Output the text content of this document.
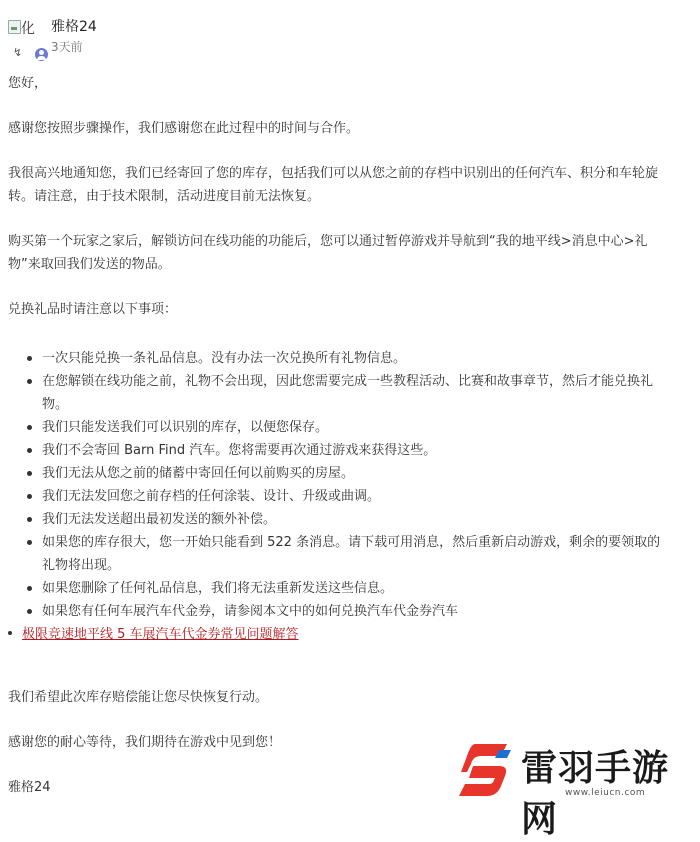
化
↯
雅格24
3天前

您好，

感谢您按照步骤操作，我们感谢您在此过程中的时间与合作。

我很高兴地通知您，我们已经寄回了您的库存，包括我们可以从您之前的存档中识别出的任何汽车、积分和车轮旋转。请注意，由于技术限制，活动进度目前无法恢复。

购买第一个玩家之家后，解锁访问在线功能的功能后，您可以通过暂停游戏并导航到“我的地平线>消息中心>礼物”来取回我们发送的物品。

兑换礼品时请注意以下事项：

一次只能兑换一条礼品信息。没有办法一次兑换所有礼物信息。
在您解锁在线功能之前，礼物不会出现，因此您需要完成一些教程活动、比赛和故事章节，然后才能兑换礼物。
我们只能发送我们可以识别的库存，以便您保存。
我们不会寄回 Barn Find 汽车。您将需要再次通过游戏来获得这些。
我们无法从您之前的储蓄中寄回任何以前购买的房屋。
我们无法发回您之前存档的任何涂装、设计、升级或曲调。
我们无法发送超出最初发送的额外补偿。
如果您的库存很大，您一开始只能看到 522 条消息。请下载可用消息，然后重新启动游戏，剩余的要领取的礼物将出现。
如果您删除了任何礼品信息，我们将无法重新发送这些信息。
如果您有任何车展汽车代金券，请参阅本文中的如何兑换汽车代金券汽车

极限竞速地平线 5 车展汽车代金券常见问题解答

我们希望此次库存赔偿能让您尽快恢复行动。

感谢您的耐心等待，我们期待在游戏中见到您！

雅格24	雷羽手游网
www.leiucn.com
